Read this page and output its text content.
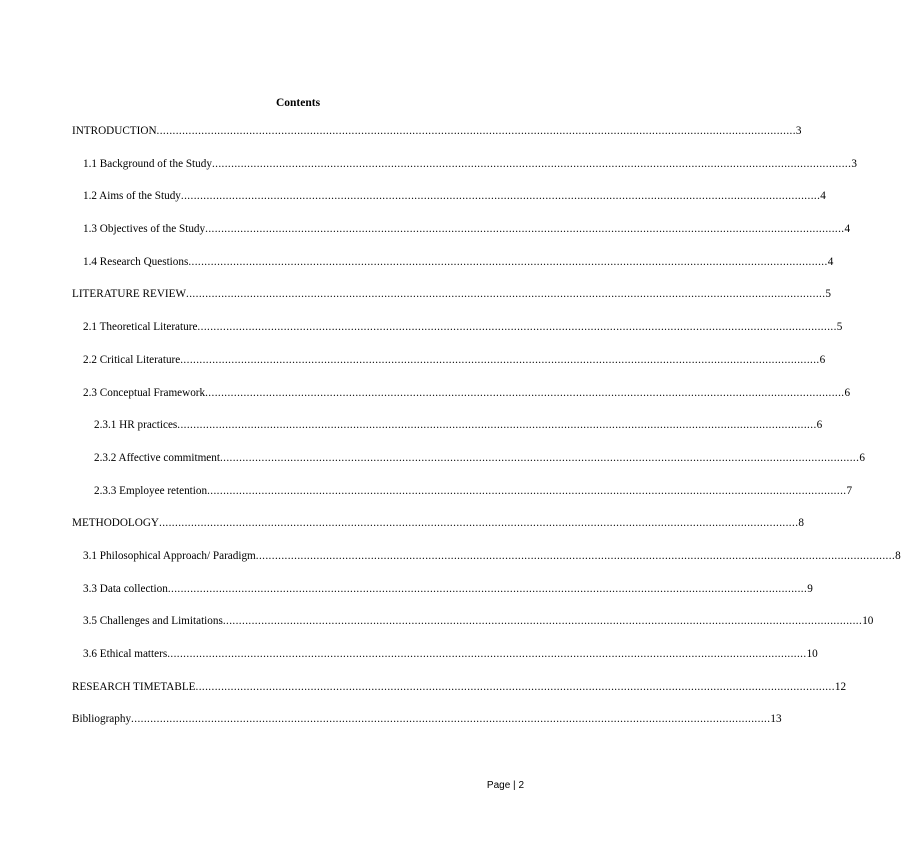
Contents
INTRODUCTION ........................................................................................................................................................................................................ 3
1.1 Background of the Study ........................................................................................................................................................................................................ 3
1.2 Aims of the Study ........................................................................................................................................................................................................ 4
1.3 Objectives of the Study ........................................................................................................................................................................................................ 4
1.4 Research Questions ........................................................................................................................................................................................................ 4
LITERATURE REVIEW ........................................................................................................................................................................................................ 5
2.1 Theoretical Literature ........................................................................................................................................................................................................ 5
2.2 Critical Literature ........................................................................................................................................................................................................ 6
2.3 Conceptual Framework ........................................................................................................................................................................................................ 6
2.3.1 HR practices ........................................................................................................................................................................................................ 6
2.3.2 Affective commitment ........................................................................................................................................................................................................ 6
2.3.3 Employee retention ........................................................................................................................................................................................................ 7
METHODOLOGY ........................................................................................................................................................................................................ 8
3.1 Philosophical Approach/ Paradigm ........................................................................................................................................................................................................ 8
3.3 Data collection ........................................................................................................................................................................................................ 9
3.5 Challenges and Limitations ........................................................................................................................................................................................................ 10
3.6 Ethical matters ........................................................................................................................................................................................................ 10
RESEARCH TIMETABLE ........................................................................................................................................................................................................ 12
Bibliography ........................................................................................................................................................................................................ 13
Page | 2
